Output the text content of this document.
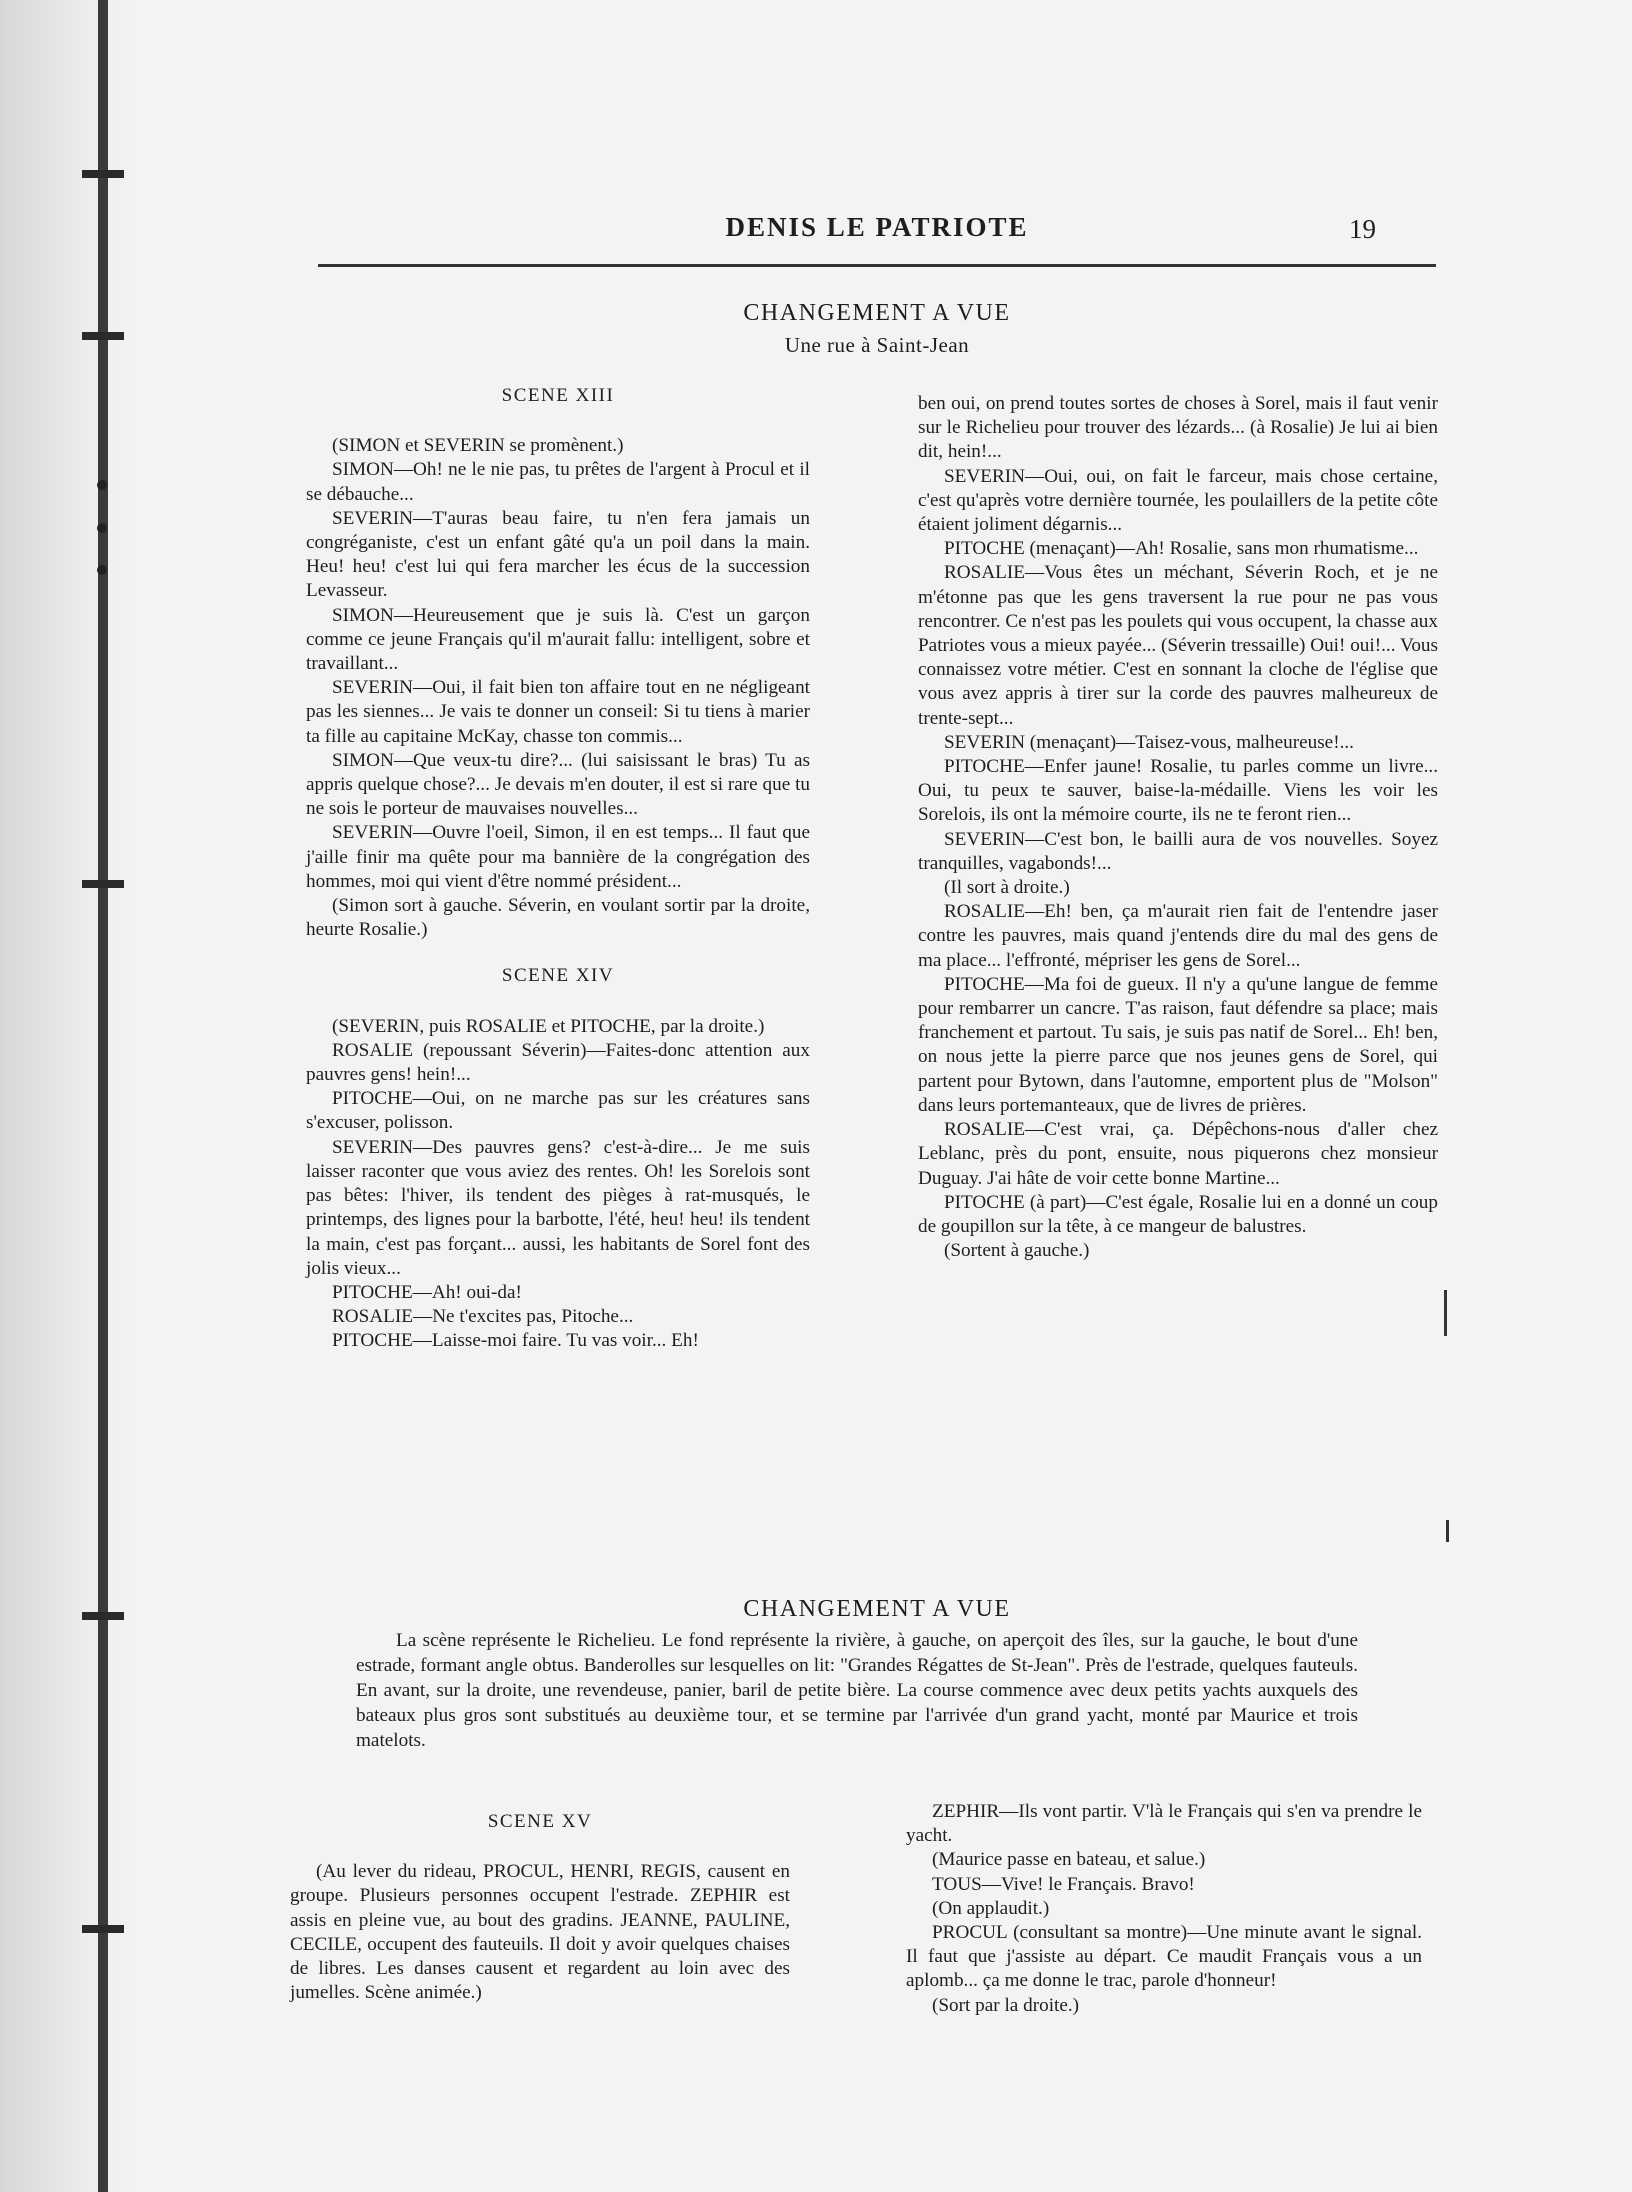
DENIS LE PATRIOTE	19
CHANGEMENT A VUE
Une rue à Saint-Jean

SCENE XIII

(SIMON et SEVERIN se promènent.)

SIMON—Oh! ne le nie pas, tu prêtes de l'argent à Procul et il se débauche...

SEVERIN—T'auras beau faire, tu n'en fera jamais un congréganiste, c'est un enfant gâté qu'a un poil dans la main. Heu! heu! c'est lui qui fera marcher les écus de la succession Levasseur.

SIMON—Heureusement que je suis là. C'est un garçon comme ce jeune Français qu'il m'aurait fallu: intelligent, sobre et travaillant...

SEVERIN—Oui, il fait bien ton affaire tout en ne négligeant pas les siennes... Je vais te donner un conseil: Si tu tiens à marier ta fille au capitaine McKay, chasse ton commis...

SIMON—Que veux-tu dire?... (lui saisissant le bras) Tu as appris quelque chose?... Je devais m'en douter, il est si rare que tu ne sois le porteur de mauvaises nouvelles...

SEVERIN—Ouvre l'oeil, Simon, il en est temps... Il faut que j'aille finir ma quête pour ma bannière de la congrégation des hommes, moi qui vient d'être nommé président...

(Simon sort à gauche. Séverin, en voulant sortir par la droite, heurte Rosalie.)

SCENE XIV

(SEVERIN, puis ROSALIE et PITOCHE, par la droite.)

ROSALIE (repoussant Séverin)—Faites-donc attention aux pauvres gens! hein!...

PITOCHE—Oui, on ne marche pas sur les créatures sans s'excuser, polisson.

SEVERIN—Des pauvres gens? c'est-à-dire... Je me suis laisser raconter que vous aviez des rentes. Oh! les Sorelois sont pas bêtes: l'hiver, ils tendent des pièges à rat-musqués, le printemps, des lignes pour la barbotte, l'été, heu! heu! ils tendent la main, c'est pas forçant... aussi, les habitants de Sorel font des jolis vieux...

PITOCHE—Ah! oui-da!

ROSALIE—Ne t'excites pas, Pitoche...

PITOCHE—Laisse-moi faire. Tu vas voir... Eh!

ben oui, on prend toutes sortes de choses à Sorel, mais il faut venir sur le Richelieu pour trouver des lézards... (à Rosalie) Je lui ai bien dit, hein!...

SEVERIN—Oui, oui, on fait le farceur, mais chose certaine, c'est qu'après votre dernière tournée, les poulaillers de la petite côte étaient joliment dégarnis...

PITOCHE (menaçant)—Ah! Rosalie, sans mon rhumatisme...

ROSALIE—Vous êtes un méchant, Séverin Roch, et je ne m'étonne pas que les gens traversent la rue pour ne pas vous rencontrer. Ce n'est pas les poulets qui vous occupent, la chasse aux Patriotes vous a mieux payée... (Séverin tressaille) Oui! oui!... Vous connaissez votre métier. C'est en sonnant la cloche de l'église que vous avez appris à tirer sur la corde des pauvres malheureux de trente-sept...

SEVERIN (menaçant)—Taisez-vous, malheureuse!...

PITOCHE—Enfer jaune! Rosalie, tu parles comme un livre... Oui, tu peux te sauver, baise-la-médaille. Viens les voir les Sorelois, ils ont la mémoire courte, ils ne te feront rien...

SEVERIN—C'est bon, le bailli aura de vos nouvelles. Soyez tranquilles, vagabonds!...

(Il sort à droite.)

ROSALIE—Eh! ben, ça m'aurait rien fait de l'entendre jaser contre les pauvres, mais quand j'entends dire du mal des gens de ma place... l'effronté, mépriser les gens de Sorel...

PITOCHE—Ma foi de gueux. Il n'y a qu'une langue de femme pour rembarrer un cancre. T'as raison, faut défendre sa place; mais franchement et partout. Tu sais, je suis pas natif de Sorel... Eh! ben, on nous jette la pierre parce que nos jeunes gens de Sorel, qui partent pour Bytown, dans l'automne, emportent plus de "Molson" dans leurs portemanteaux, que de livres de prières.

ROSALIE—C'est vrai, ça. Dépêchons-nous d'aller chez Leblanc, près du pont, ensuite, nous piquerons chez monsieur Duguay. J'ai hâte de voir cette bonne Martine...

PITOCHE (à part)—C'est égale, Rosalie lui en a donné un coup de goupillon sur la tête, à ce mangeur de balustres.

(Sortent à gauche.)

CHANGEMENT A VUE

La scène représente le Richelieu. Le fond représente la rivière, à gauche, on aperçoit des îles, sur la gauche, le bout d'une estrade, formant angle obtus. Banderolles sur lesquelles on lit: "Grandes Régattes de St-Jean". Près de l'estrade, quelques fauteuls. En avant, sur la droite, une revendeuse, panier, baril de petite bière. La course commence avec deux petits yachts auxquels des bateaux plus gros sont substitués au deuxième tour, et se termine par l'arrivée d'un grand yacht, monté par Maurice et trois matelots.

SCENE XV

(Au lever du rideau, PROCUL, HENRI, REGIS, causent en groupe. Plusieurs personnes occupent l'estrade. ZEPHIR est assis en pleine vue, au bout des gradins. JEANNE, PAULINE, CECILE, occupent des fauteuils. Il doit y avoir quelques chaises de libres. Les danses causent et regardent au loin avec des jumelles. Scène animée.)

ZEPHIR—Ils vont partir. V'là le Français qui s'en va prendre le yacht.

(Maurice passe en bateau, et salue.)

TOUS—Vive! le Français. Bravo!

(On applaudit.)

PROCUL (consultant sa montre)—Une minute avant le signal. Il faut que j'assiste au départ. Ce maudit Français vous a un aplomb... ça me donne le trac, parole d'honneur!

(Sort par la droite.)
